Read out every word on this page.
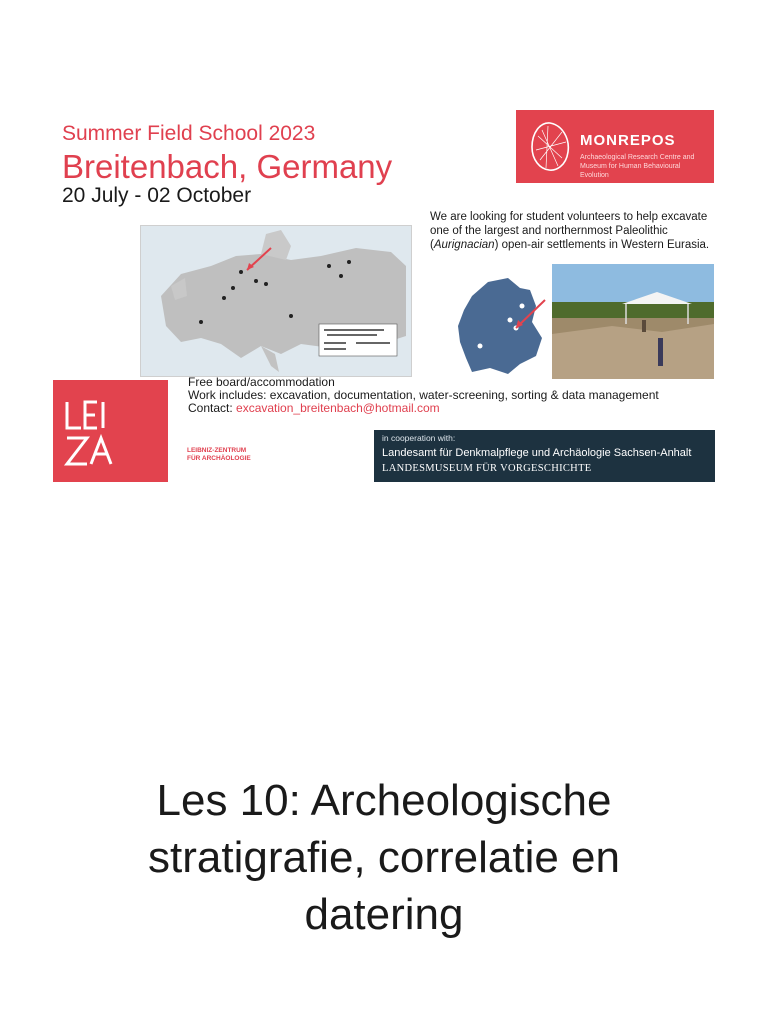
Summer Field School 2023
Breitenbach, Germany
20 July - 02 October
MONREPOS
Archaeological Research Centre and Museum for Human Behavioural Evolution
We are looking for student volunteers to help excavate one of the largest and northernmost Paleolithic (Aurignacian) open-air settlements in Western Eurasia.
Free board/accommodation
Work includes: excavation, documentation, water-screening, sorting & data management
Contact: excavation_breitenbach@hotmail.com
LEIBNIZ-ZENTRUM
FÜR ARCHÄOLOGIE
in cooperation with:
Landesamt für Denkmalpflege und Archäologie Sachsen-Anhalt
LANDESMUSEUM FÜR VORGESCHICHTE
Les 10: Archeologische
stratigrafie, correlatie en
datering
